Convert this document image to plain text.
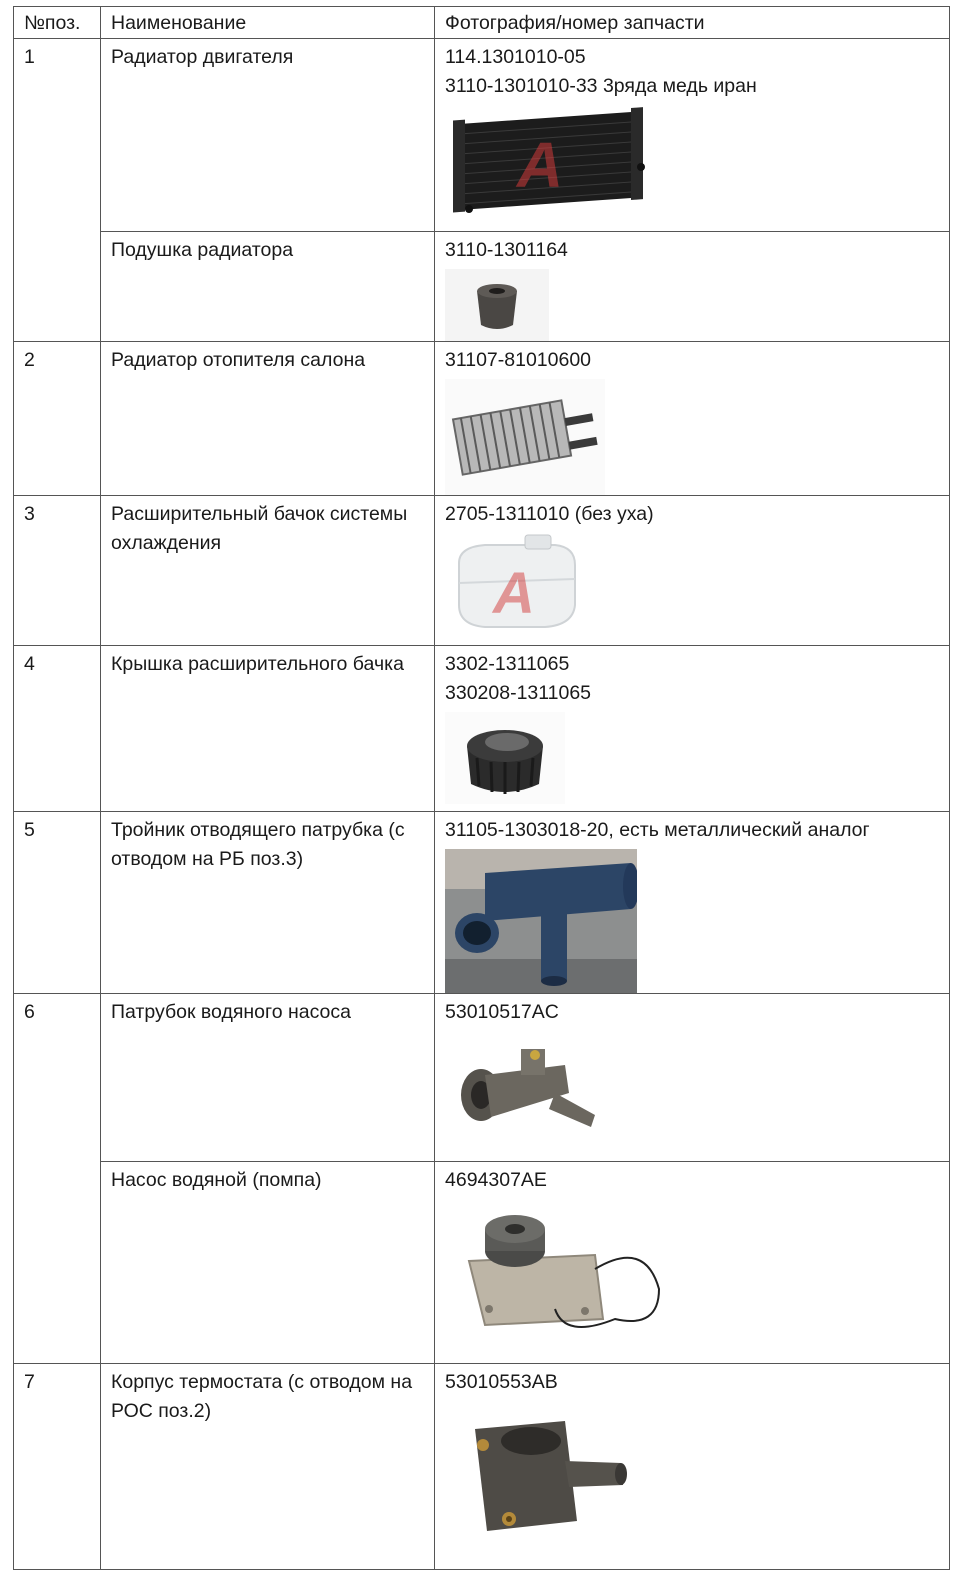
№поз.	Наименование	Фотография/номер запчасти
1	Радиатор двигателя	114.1301010-05
3110-1301010-33 3ряда медь иран
A

	Подушка радиатора	3110-1301164

2	Радиатор отопителя салона	31107-81010600

3	Расширительный бачок системы охлаждения	2705-1311010 (без уха)
A

4	Крышка расширительного бачка	3302-1311065
330208-1311065

5	Тройник отводящего патрубка (с отводом на РБ поз.3)	31105-1303018-20, есть металлический аналог

6	Патрубок водяного насоса	53010517AC

	Насос водяной (помпа)	4694307AE

7	Корпус термостата (с отводом на РОС поз.2)	53010553AB
